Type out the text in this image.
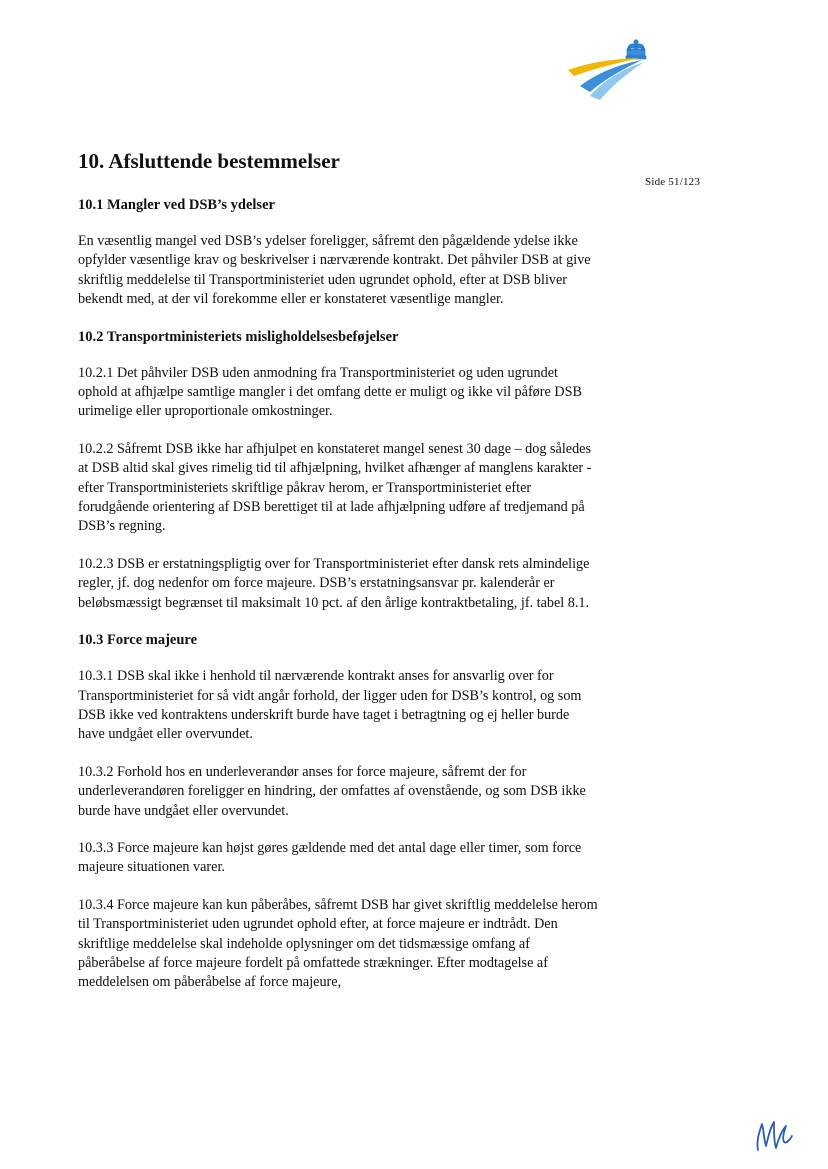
Side 51/123
10. Afsluttende bestemmelser
10.1 Mangler ved DSB’s ydelser

En væsentlig mangel ved DSB’s ydelser foreligger, såfremt den pågældende ydelse ikke opfylder væsentlige krav og beskrivelser i nærværende kontrakt. Det påhviler DSB at give skriftlig meddelelse til Transportministeriet uden ugrundet ophold, efter at DSB bliver bekendt med, at der vil forekomme eller er konstateret væsentlige mangler.

10.2 Transportministeriets misligholdelsesbeføjelser

10.2.1 Det påhviler DSB uden anmodning fra Transportministeriet og uden ugrundet ophold at afhjælpe samtlige mangler i det omfang dette er muligt og ikke vil påføre DSB urimelige eller uproportionale omkostninger.

10.2.2 Såfremt DSB ikke har afhjulpet en konstateret mangel senest 30 dage – dog således at DSB altid skal gives rimelig tid til afhjælpning, hvilket afhænger af manglens karakter - efter Transportministeriets skriftlige påkrav herom, er Transportministeriet efter forudgående orientering af DSB berettiget til at lade afhjælpning udføre af tredjemand på DSB’s regning.

10.2.3 DSB er erstatningspligtig over for Transportministeriet efter dansk rets almindelige regler, jf. dog nedenfor om force majeure. DSB’s erstatningsansvar pr. kalenderår er beløbsmæssigt begrænset til maksimalt 10 pct. af den årlige kontraktbetaling, jf. tabel 8.1.

10.3 Force majeure

10.3.1 DSB skal ikke i henhold til nærværende kontrakt anses for ansvarlig over for Transportministeriet for så vidt angår forhold, der ligger uden for DSB’s kontrol, og som DSB ikke ved kontraktens underskrift burde have taget i betragtning og ej heller burde have undgået eller overvundet.

10.3.2 Forhold hos en underleverandør anses for force majeure, såfremt der for underleverandøren foreligger en hindring, der omfattes af ovenstående, og som DSB ikke burde have undgået eller overvundet.

10.3.3 Force majeure kan højst gøres gældende med det antal dage eller timer, som force majeure situationen varer.

10.3.4 Force majeure kan kun påberåbes, såfremt DSB har givet skriftlig meddelelse herom til Transportministeriet uden ugrundet ophold efter, at force majeure er indtrådt. Den skriftlige meddelelse skal indeholde oplysninger om det tidsmæssige omfang af påberåbelse af force majeure fordelt på omfattede strækninger. Efter modtagelse af meddelelsen om påberåbelse af force majeure,
